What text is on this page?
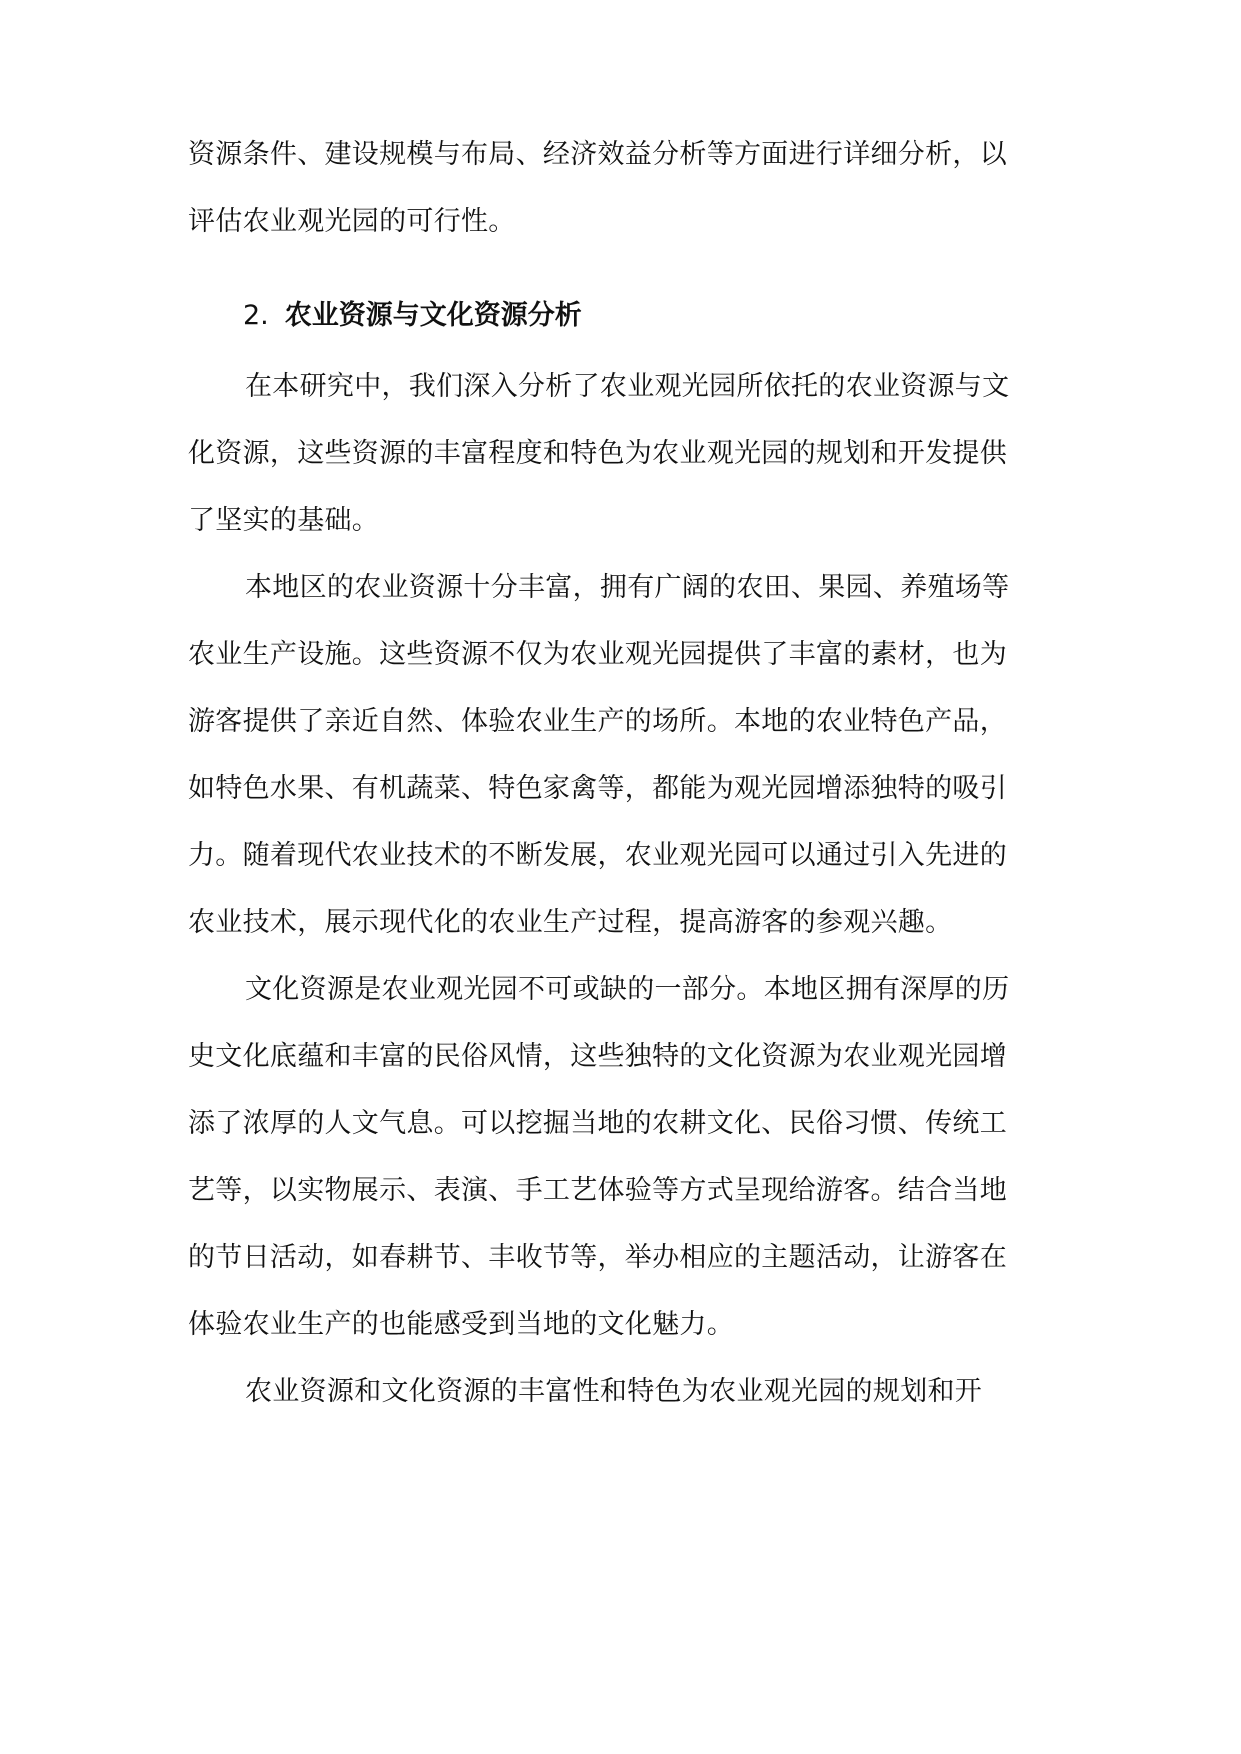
资源条件、建设规模与布局、经济效益分析等方面进行详细分析，以
评估农业观光园的可行性。
2. 农业资源与文化资源分析
在本研究中，我们深入分析了农业观光园所依托的农业资源与文
化资源，这些资源的丰富程度和特色为农业观光园的规划和开发提供
了坚实的基础。
本地区的农业资源十分丰富，拥有广阔的农田、果园、养殖场等
农业生产设施。这些资源不仅为农业观光园提供了丰富的素材，也为
游客提供了亲近自然、体验农业生产的场所。本地的农业特色产品，
如特色水果、有机蔬菜、特色家禽等，都能为观光园增添独特的吸引
力。随着现代农业技术的不断发展，农业观光园可以通过引入先进的
农业技术，展示现代化的农业生产过程，提高游客的参观兴趣。
文化资源是农业观光园不可或缺的一部分。本地区拥有深厚的历
史文化底蕴和丰富的民俗风情，这些独特的文化资源为农业观光园增
添了浓厚的人文气息。可以挖掘当地的农耕文化、民俗习惯、传统工
艺等，以实物展示、表演、手工艺体验等方式呈现给游客。结合当地
的节日活动，如春耕节、丰收节等，举办相应的主题活动，让游客在
体验农业生产的也能感受到当地的文化魅力。
农业资源和文化资源的丰富性和特色为农业观光园的规划和开
